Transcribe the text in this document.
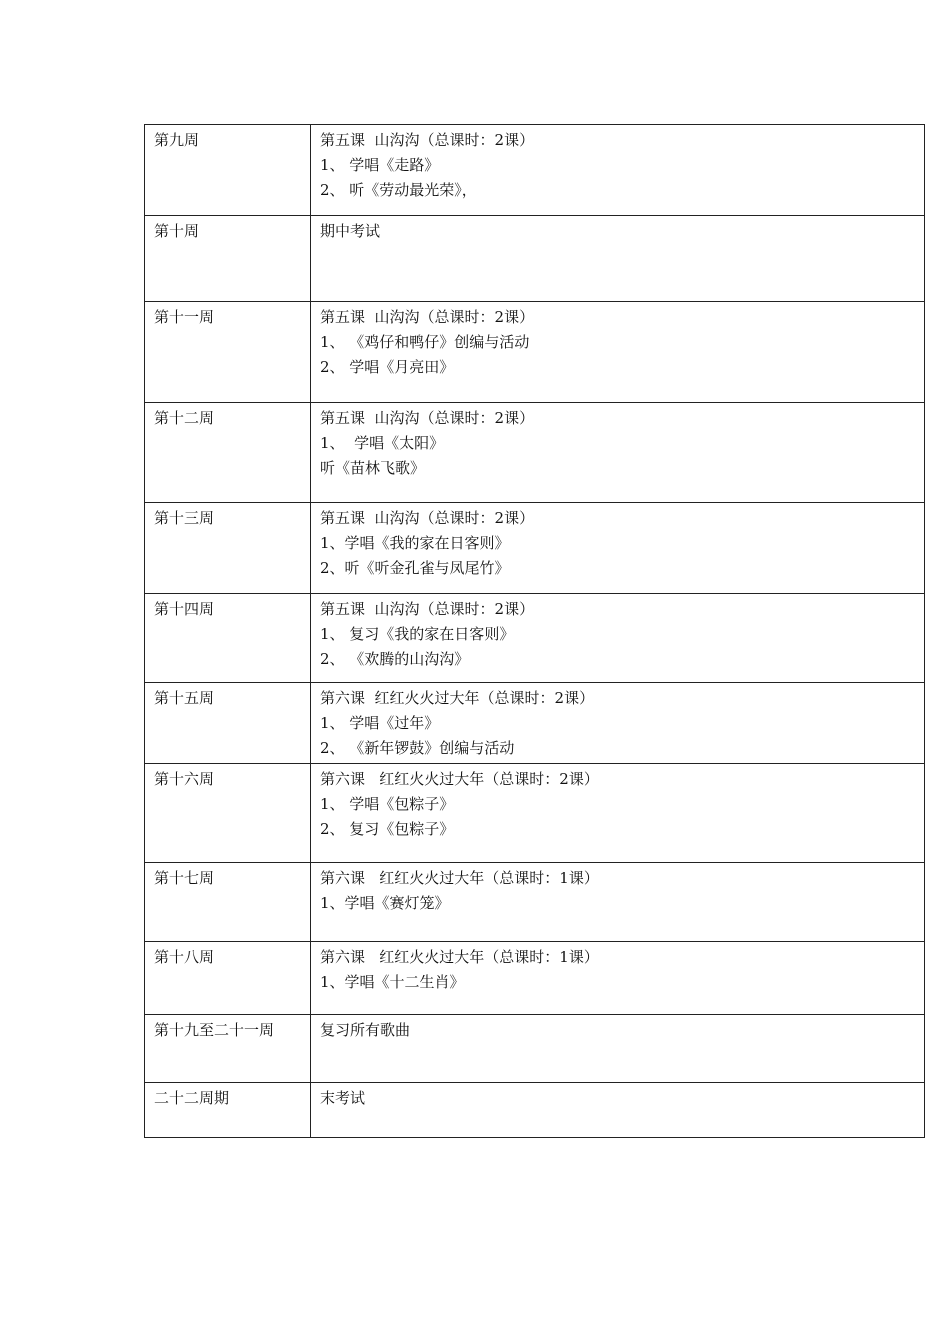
第九周	第五课  山沟沟（总课时：2课）
1、 学唱《走路》
2、 听《劳动最光荣》，

第十周	期中考试

第十一周	第五课  山沟沟（总课时：2课）
1、 《鸡仔和鸭仔》创编与活动
2、 学唱《月亮田》

第十二周	第五课  山沟沟（总课时：2课）
1、  学唱《太阳》
听《苗林飞歌》

第十三周	第五课  山沟沟（总课时：2课）
1、学唱《我的家在日客则》
2、听《听金孔雀与凤尾竹》

第十四周	第五课  山沟沟（总课时：2课）
1、 复习《我的家在日客则》
2、 《欢腾的山沟沟》

第十五周	第六课  红红火火过大年（总课时：2课）
1、 学唱《过年》
2、 《新年锣鼓》创编与活动

第十六周	第六课   红红火火过大年（总课时：2课）
1、 学唱《包粽子》
2、 复习《包粽子》

第十七周	第六课   红红火火过大年（总课时：1课）
1、学唱《赛灯笼》

第十八周	第六课   红红火火过大年（总课时：1课）
1、学唱《十二生肖》

第十九至二十一周	复习所有歌曲

二十二周期	末考试
